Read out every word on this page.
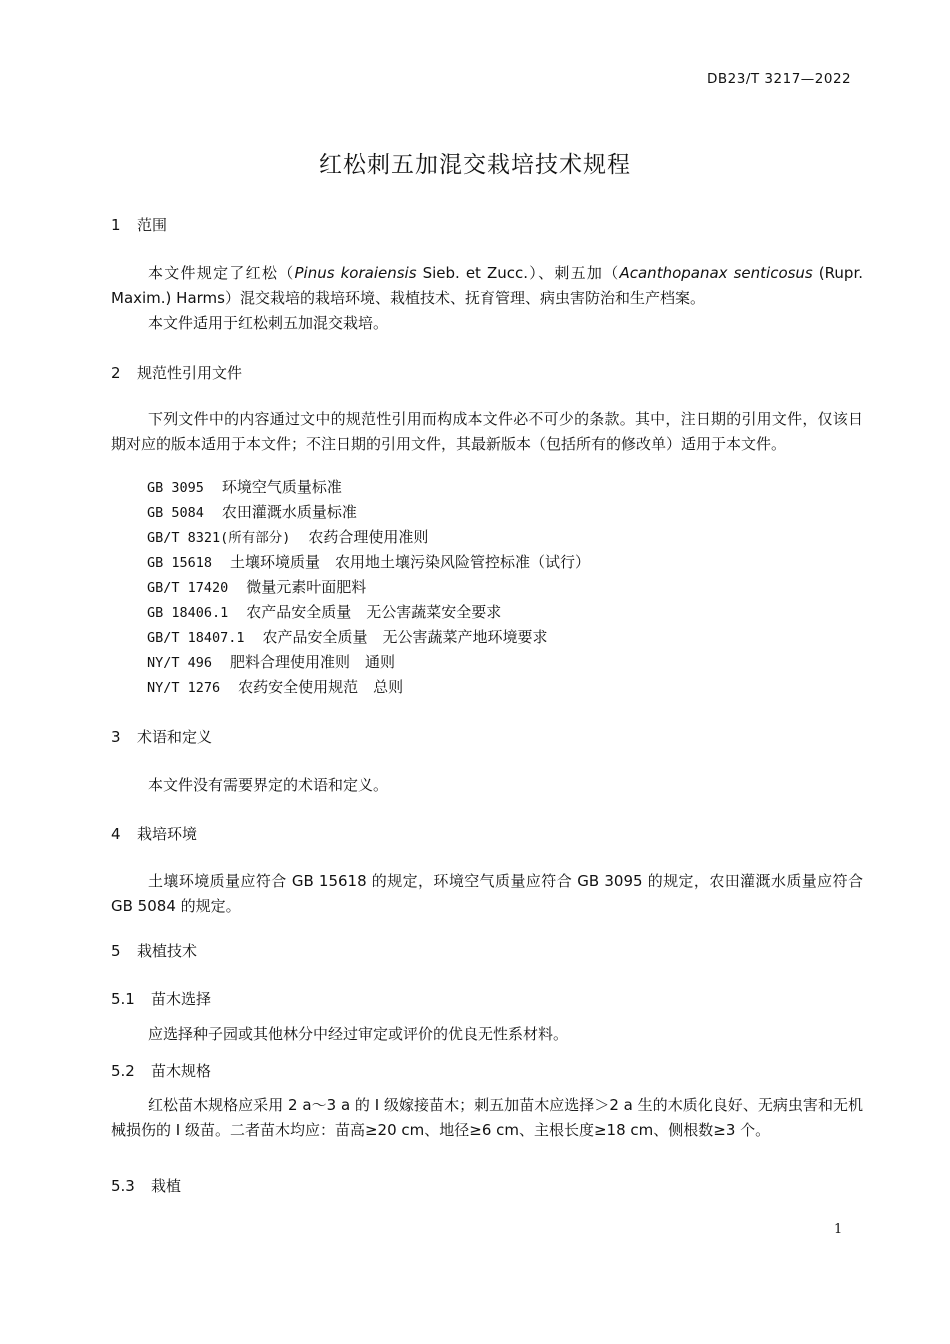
DB23/T 3217—2022
红松刺五加混交栽培技术规程
1 范围
本文件规定了红松（Pinus koraiensis Sieb. et Zucc.）、刺五加（Acanthopanax senticosus (Rupr. Maxim.) Harms）混交栽培的栽培环境、栽植技术、抚育管理、病虫害防治和生产档案。
本文件适用于红松刺五加混交栽培。
2 规范性引用文件
下列文件中的内容通过文中的规范性引用而构成本文件必不可少的条款。其中，注日期的引用文件，仅该日期对应的版本适用于本文件；不注日期的引用文件，其最新版本（包括所有的修改单）适用于本文件。
GB 3095 环境空气质量标准
GB 5084 农田灌溉水质量标准
GB/T 8321(所有部分) 农药合理使用准则
GB 15618 土壤环境质量　农用地土壤污染风险管控标准（试行）
GB/T 17420 微量元素叶面肥料
GB 18406.1 农产品安全质量　无公害蔬菜安全要求
GB/T 18407.1 农产品安全质量　无公害蔬菜产地环境要求
NY/T 496 肥料合理使用准则　通则
NY/T 1276 农药安全使用规范　总则
3 术语和定义
本文件没有需要界定的术语和定义。
4 栽培环境
土壤环境质量应符合 GB 15618 的规定，环境空气质量应符合 GB 3095 的规定，农田灌溉水质量应符合 GB 5084 的规定。
5 栽植技术
5.1 苗木选择
应选择种子园或其他林分中经过审定或评价的优良无性系材料。
5.2 苗木规格
红松苗木规格应采用 2 a～3 a 的 I 级嫁接苗木；刺五加苗木应选择＞2 a 生的木质化良好、无病虫害和无机械损伤的 I 级苗。二者苗木均应：苗高≥20 cm、地径≥6 cm、主根长度≥18 cm、侧根数≥3 个。
5.3 栽植
1
